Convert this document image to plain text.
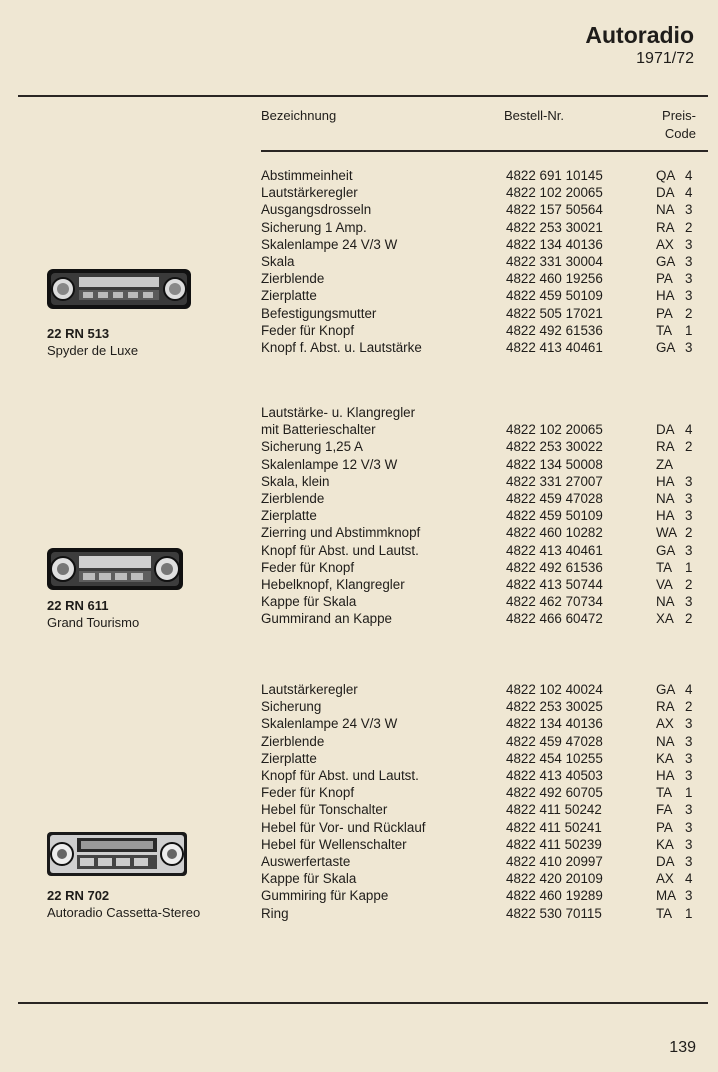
Autoradio
1971/72
Bezeichnung	Bestell-Nr.	Preis-
Code
Abstimmeinheit	4822 691 10145	QA 4
Lautstärkeregler	4822 102 20065	DA 4
Ausgangsdrosseln	4822 157 50564	NA 3
Sicherung 1 Amp.	4822 253 30021	RA 2
Skalenlampe 24 V/3 W	4822 134 40136	AX 3
Skala	4822 331 30004	GA 3
Zierblende	4822 460 19256	PA 3
Zierplatte	4822 459 50109	HA 3
Befestigungsmutter	4822 505 17021	PA 2
Feder für Knopf	4822 492 61536	TA 1
Knopf f. Abst. u. Lautstärke	4822 413 40461	GA 3
22 RN 513
Spyder de Luxe
Lautstärke- u. Klangregler
mit Batterieschalter	4822 102 20065	DA 4
Sicherung 1,25 A	4822 253 30022	RA 2
Skalenlampe 12 V/3 W	4822 134 50008	ZA
Skala, klein	4822 331 27007	HA 3
Zierblende	4822 459 47028	NA 3
Zierplatte	4822 459 50109	HA 3
Zierring und Abstimmknopf	4822 460 10282	WA 2
Knopf für Abst. und Lautst.	4822 413 40461	GA 3
Feder für Knopf	4822 492 61536	TA 1
Hebelknopf, Klangregler	4822 413 50744	VA 2
Kappe für Skala	4822 462 70734	NA 3
Gummirand an Kappe	4822 466 60472	XA 2
22 RN 611
Grand Tourismo
Lautstärkeregler	4822 102 40024	GA 4
Sicherung	4822 253 30025	RA 2
Skalenlampe 24 V/3 W	4822 134 40136	AX 3
Zierblende	4822 459 47028	NA 3
Zierplatte	4822 454 10255	KA 3
Knopf für Abst. und Lautst.	4822 413 40503	HA 3
Feder für Knopf	4822 492 60705	TA 1
Hebel für Tonschalter	4822 411 50242	FA 3
Hebel für Vor- und Rücklauf	4822 411 50241	PA 3
Hebel für Wellenschalter	4822 411 50239	KA 3
Auswerfertaste	4822 410 20997	DA 3
Kappe für Skala	4822 420 20109	AX 4
Gummiring für Kappe	4822 460 19289	MA 3
Ring	4822 530 70115	TA 1
22 RN 702
Autoradio Cassetta-Stereo
139
